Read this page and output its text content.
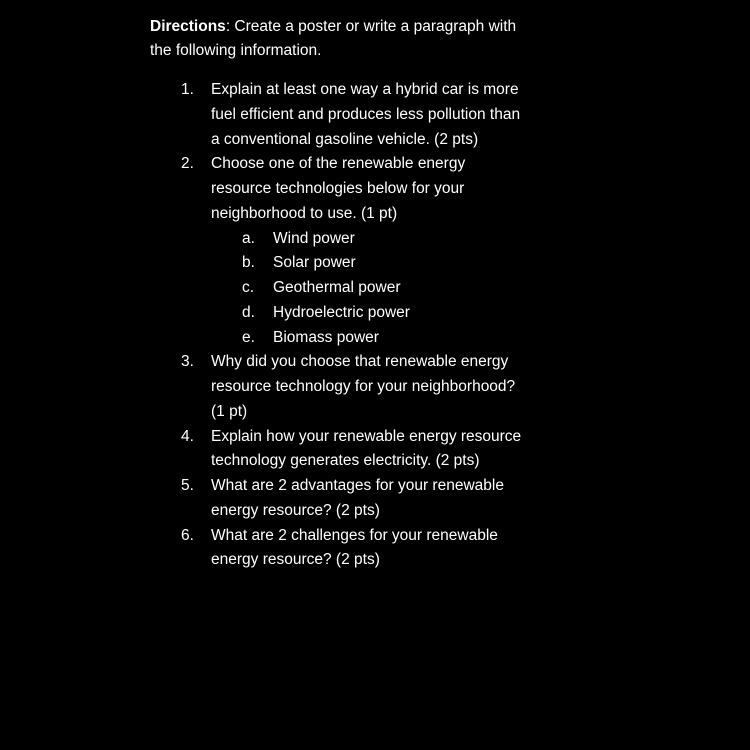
Directions: Create a poster or write a paragraph with
the following information.
1. Explain at least one way a hybrid car is more
fuel efficient and produces less pollution than
a conventional gasoline vehicle. (2 pts)
2. Choose one of the renewable energy
resource technologies below for your
neighborhood to use. (1 pt)
a. Wind power
b. Solar power
c. Geothermal power
d. Hydroelectric power
e. Biomass power
3. Why did you choose that renewable energy
resource technology for your neighborhood?
(1 pt)
4. Explain how your renewable energy resource
technology generates electricity. (2 pts)
5. What are 2 advantages for your renewable
energy resource? (2 pts)
6. What are 2 challenges for your renewable
energy resource? (2 pts)
